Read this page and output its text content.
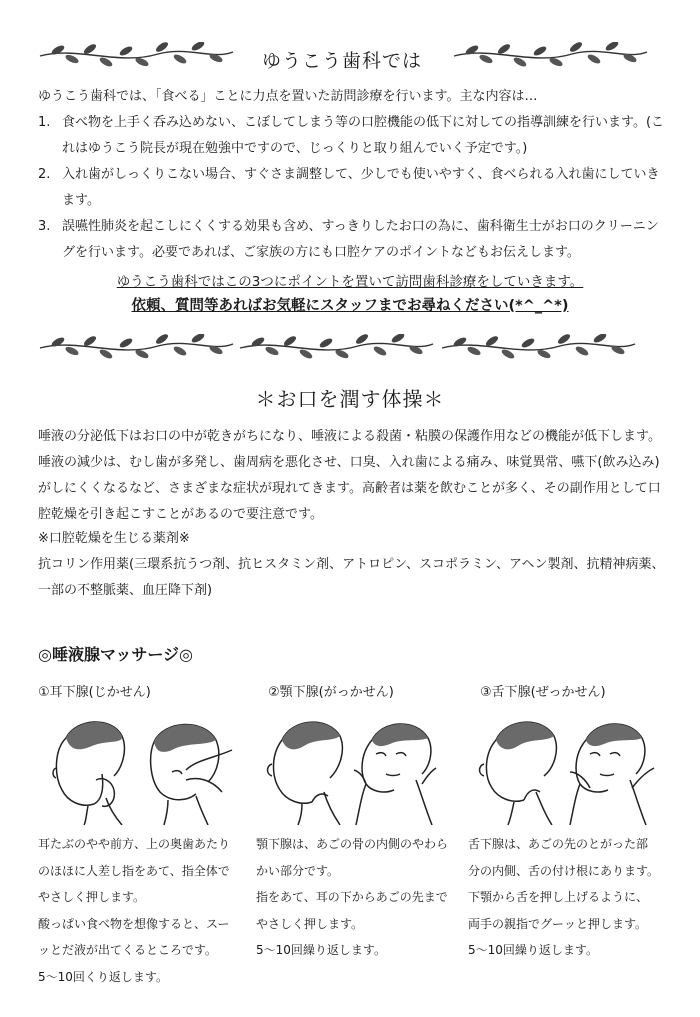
ゆうこう歯科では
ゆうこう歯科では、「食べる」ことに力点を置いた訪問診療を行います。主な内容は…
1. 食べ物を上手く呑み込めない、こぼしてしまう等の口腔機能の低下に対しての指導訓練を行います。(これはゆうこう院長が現在勉強中ですので、じっくりと取り組んでいく予定です。)
2. 入れ歯がしっくりこない場合、すぐさま調整して、少しでも使いやすく、食べられる入れ歯にしていきます。
3. 誤嚥性肺炎を起こしにくくする効果も含め、すっきりしたお口の為に、歯科衛生士がお口のクリーニングを行います。必要であれば、ご家族の方にも口腔ケアのポイントなどもお伝えします。
ゆうこう歯科ではこの3つにポイントを置いて訪問歯科診療をしていきます。
依頼、質問等あればお気軽にスタッフまでお尋ねください(*^_^*)
＊お口を潤す体操＊
唾液の分泌低下はお口の中が乾きがちになり、唾液による殺菌・粘膜の保護作用などの機能が低下します。唾液の減少は、むし歯が多発し、歯周病を悪化させ、口臭、入れ歯による痛み、味覚異常、嚥下(飲み込み)がしにくくなるなど、さまざまな症状が現れてきます。高齢者は薬を飲むことが多く、その副作用として口腔乾燥を引き起こすことがあるので要注意です。
※口腔乾燥を生じる薬剤※
抗コリン作用薬(三環系抗うつ剤、抗ヒスタミン剤、アトロピン、スコポラミン、アヘン製剤、抗精神病薬、一部の不整脈薬、血圧降下剤)
◎唾液腺マッサージ◎
①耳下腺(じかせん)	②顎下腺(がっかせん)	③舌下腺(ぜっかせん)
耳たぶのやや前方、上の奥歯あたり
のほほに人差し指をあて、指全体で
やさしく押します。
酸っぱい食べ物を想像すると、スー
ッとだ液が出てくるところです。
5〜10回くり返します。
顎下腺は、あごの骨の内側のやわら
かい部分です。
指をあて、耳の下からあごの先まで
やさしく押します。
5〜10回繰り返します。
舌下腺は、あごの先のとがった部
分の内側、舌の付け根にあります。
下顎から舌を押し上げるように、
両手の親指でグーッと押します。
5〜10回繰り返します。
